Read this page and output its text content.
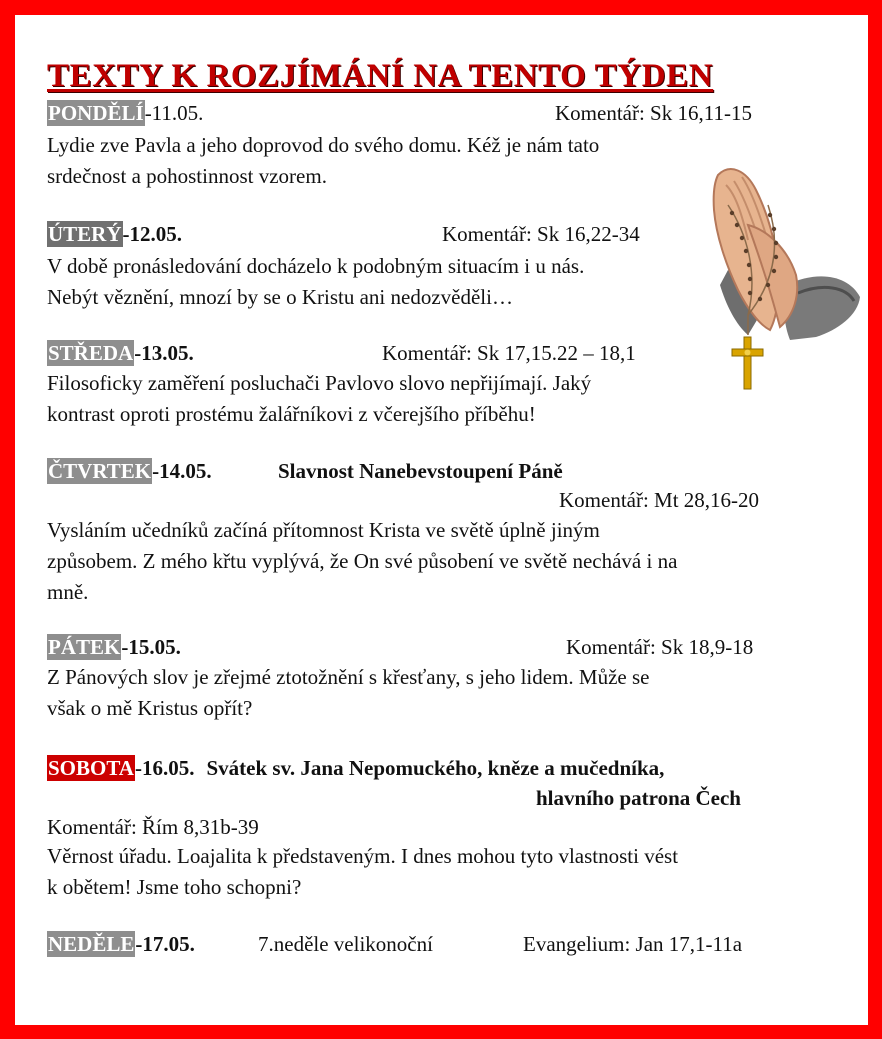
TEXTY K ROZJÍMÁNÍ NA TENTO TÝDEN
PONDĚLÍ-11.05.	Komentář: Sk 16,11-15
Lydie zve Pavla a jeho doprovod do svého domu. Kéž je nám tato
srdečnost a pohostinnost vzorem.
ÚTERÝ-12.05.	Komentář: Sk 16,22-34
V době pronásledování docházelo k podobným situacím i u nás.
Nebýt věznění, mnozí by se o Kristu ani nedozvěděli…
STŘEDA-13.05.	Komentář: Sk 17,15.22 – 18,1
Filosoficky zaměření posluchači Pavlovo slovo nepřijímají. Jaký
kontrast oproti prostému žalářníkovi z včerejšího příběhu!
ČTVRTEK-14.05.	Slavnost Nanebevstoupení Páně
Komentář: Mt 28,16-20
Vysláním učedníků začíná přítomnost Krista ve světě úplně jiným
způsobem. Z mého křtu vyplývá, že On své působení ve světě nechává i na
mně.
PÁTEK-15.05.	Komentář: Sk 18,9-18
Z Pánových slov je zřejmé ztotožnění s křesťany, s jeho lidem. Může se
však o mě Kristus opřít?
SOBOTA-16.05. Svátek sv. Jana Nepomuckého, kněze a mučedníka,
hlavního patrona Čech
Komentář: Řím 8,31b-39
Věrnost úřadu. Loajalita k představeným. I dnes mohou tyto vlastnosti vést
k obětem! Jsme toho schopni?
NEDĚLE-17.05.	7.neděle velikonoční	Evangelium: Jan 17,1-11a
